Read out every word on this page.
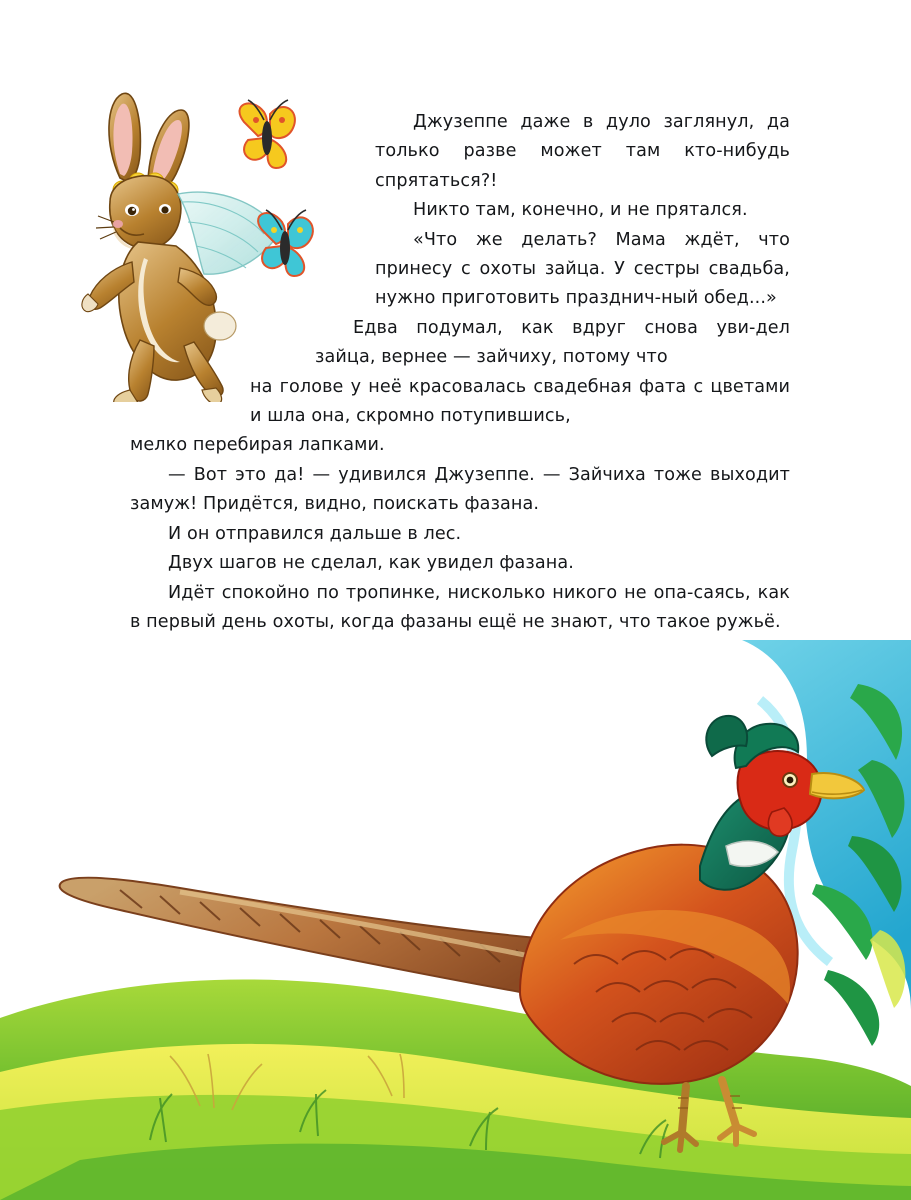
Джузеппе даже в дуло заглянул, да только разве может там кто-нибудь спрятаться?!

Никто там, конечно, и не прятался.

«Что же делать? Мама ждёт, что принесу с охоты зайца. У сестры свадьба, нужно приготовить празднич-ный обед...»

Едва подумал, как вдруг снова уви-дел зайца, вернее — зайчиху, потому что

на голове у неё красовалась свадебная фата с цветами и шла она, скромно потупившись,

мелко перебирая лапками.

— Вот это да! — удивился Джузеппе. — Зайчиха тоже выходит замуж! Придётся, видно, поискать фазана.

И он отправился дальше в лес.

Двух шагов не сделал, как увидел фазана.

Идёт спокойно по тропинке, нисколько никого не опа-саясь, как в первый день охоты, когда фазаны ещё не знают, что такое ружьё.
